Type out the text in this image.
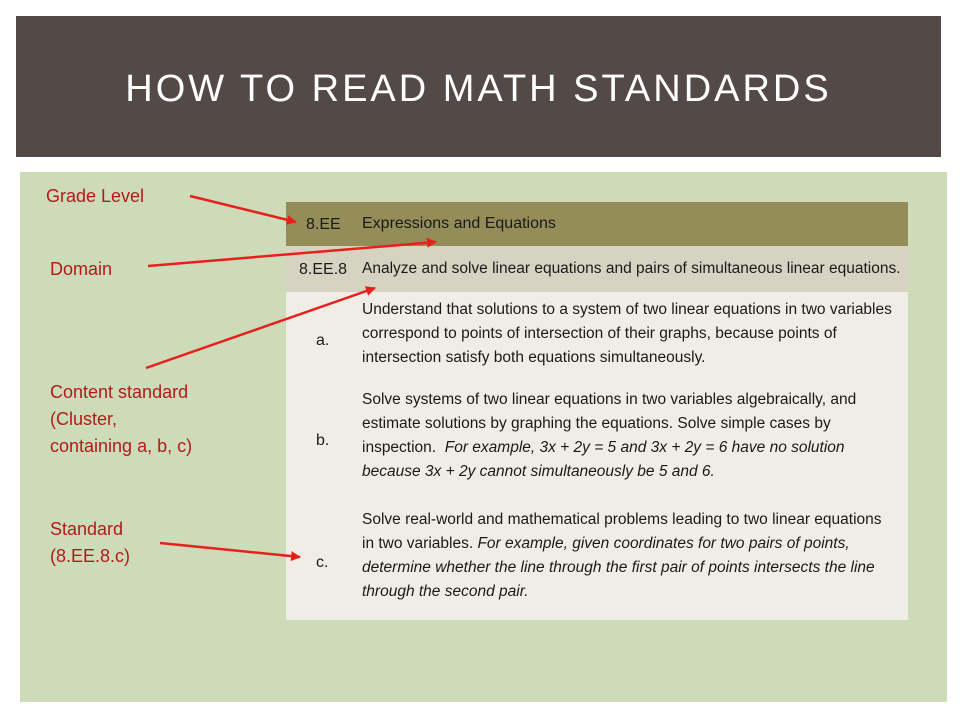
HOW TO READ MATH STANDARDS
Grade Level
Domain
Content standard
(Cluster,
containing a, b, c)
Standard
(8.EE.8.c)
8.EE Expressions and Equations
8.EE.8 Analyze and solve linear equations and pairs of simultaneous linear equations.
a.
Understand that solutions to a system of two linear equations in two variables
correspond to points of intersection of their graphs, because points of
intersection satisfy both equations simultaneously.
b.
Solve systems of two linear equations in two variables algebraically, and
estimate solutions by graphing the equations. Solve simple cases by
inspection. For example, 3x + 2y = 5 and 3x + 2y = 6 have no solution
because 3x + 2y cannot simultaneously be 5 and 6.
c.
Solve real-world and mathematical problems leading to two linear equations
in two variables. For example, given coordinates for two pairs of points,
determine whether the line through the first pair of points intersects the line
through the second pair.
